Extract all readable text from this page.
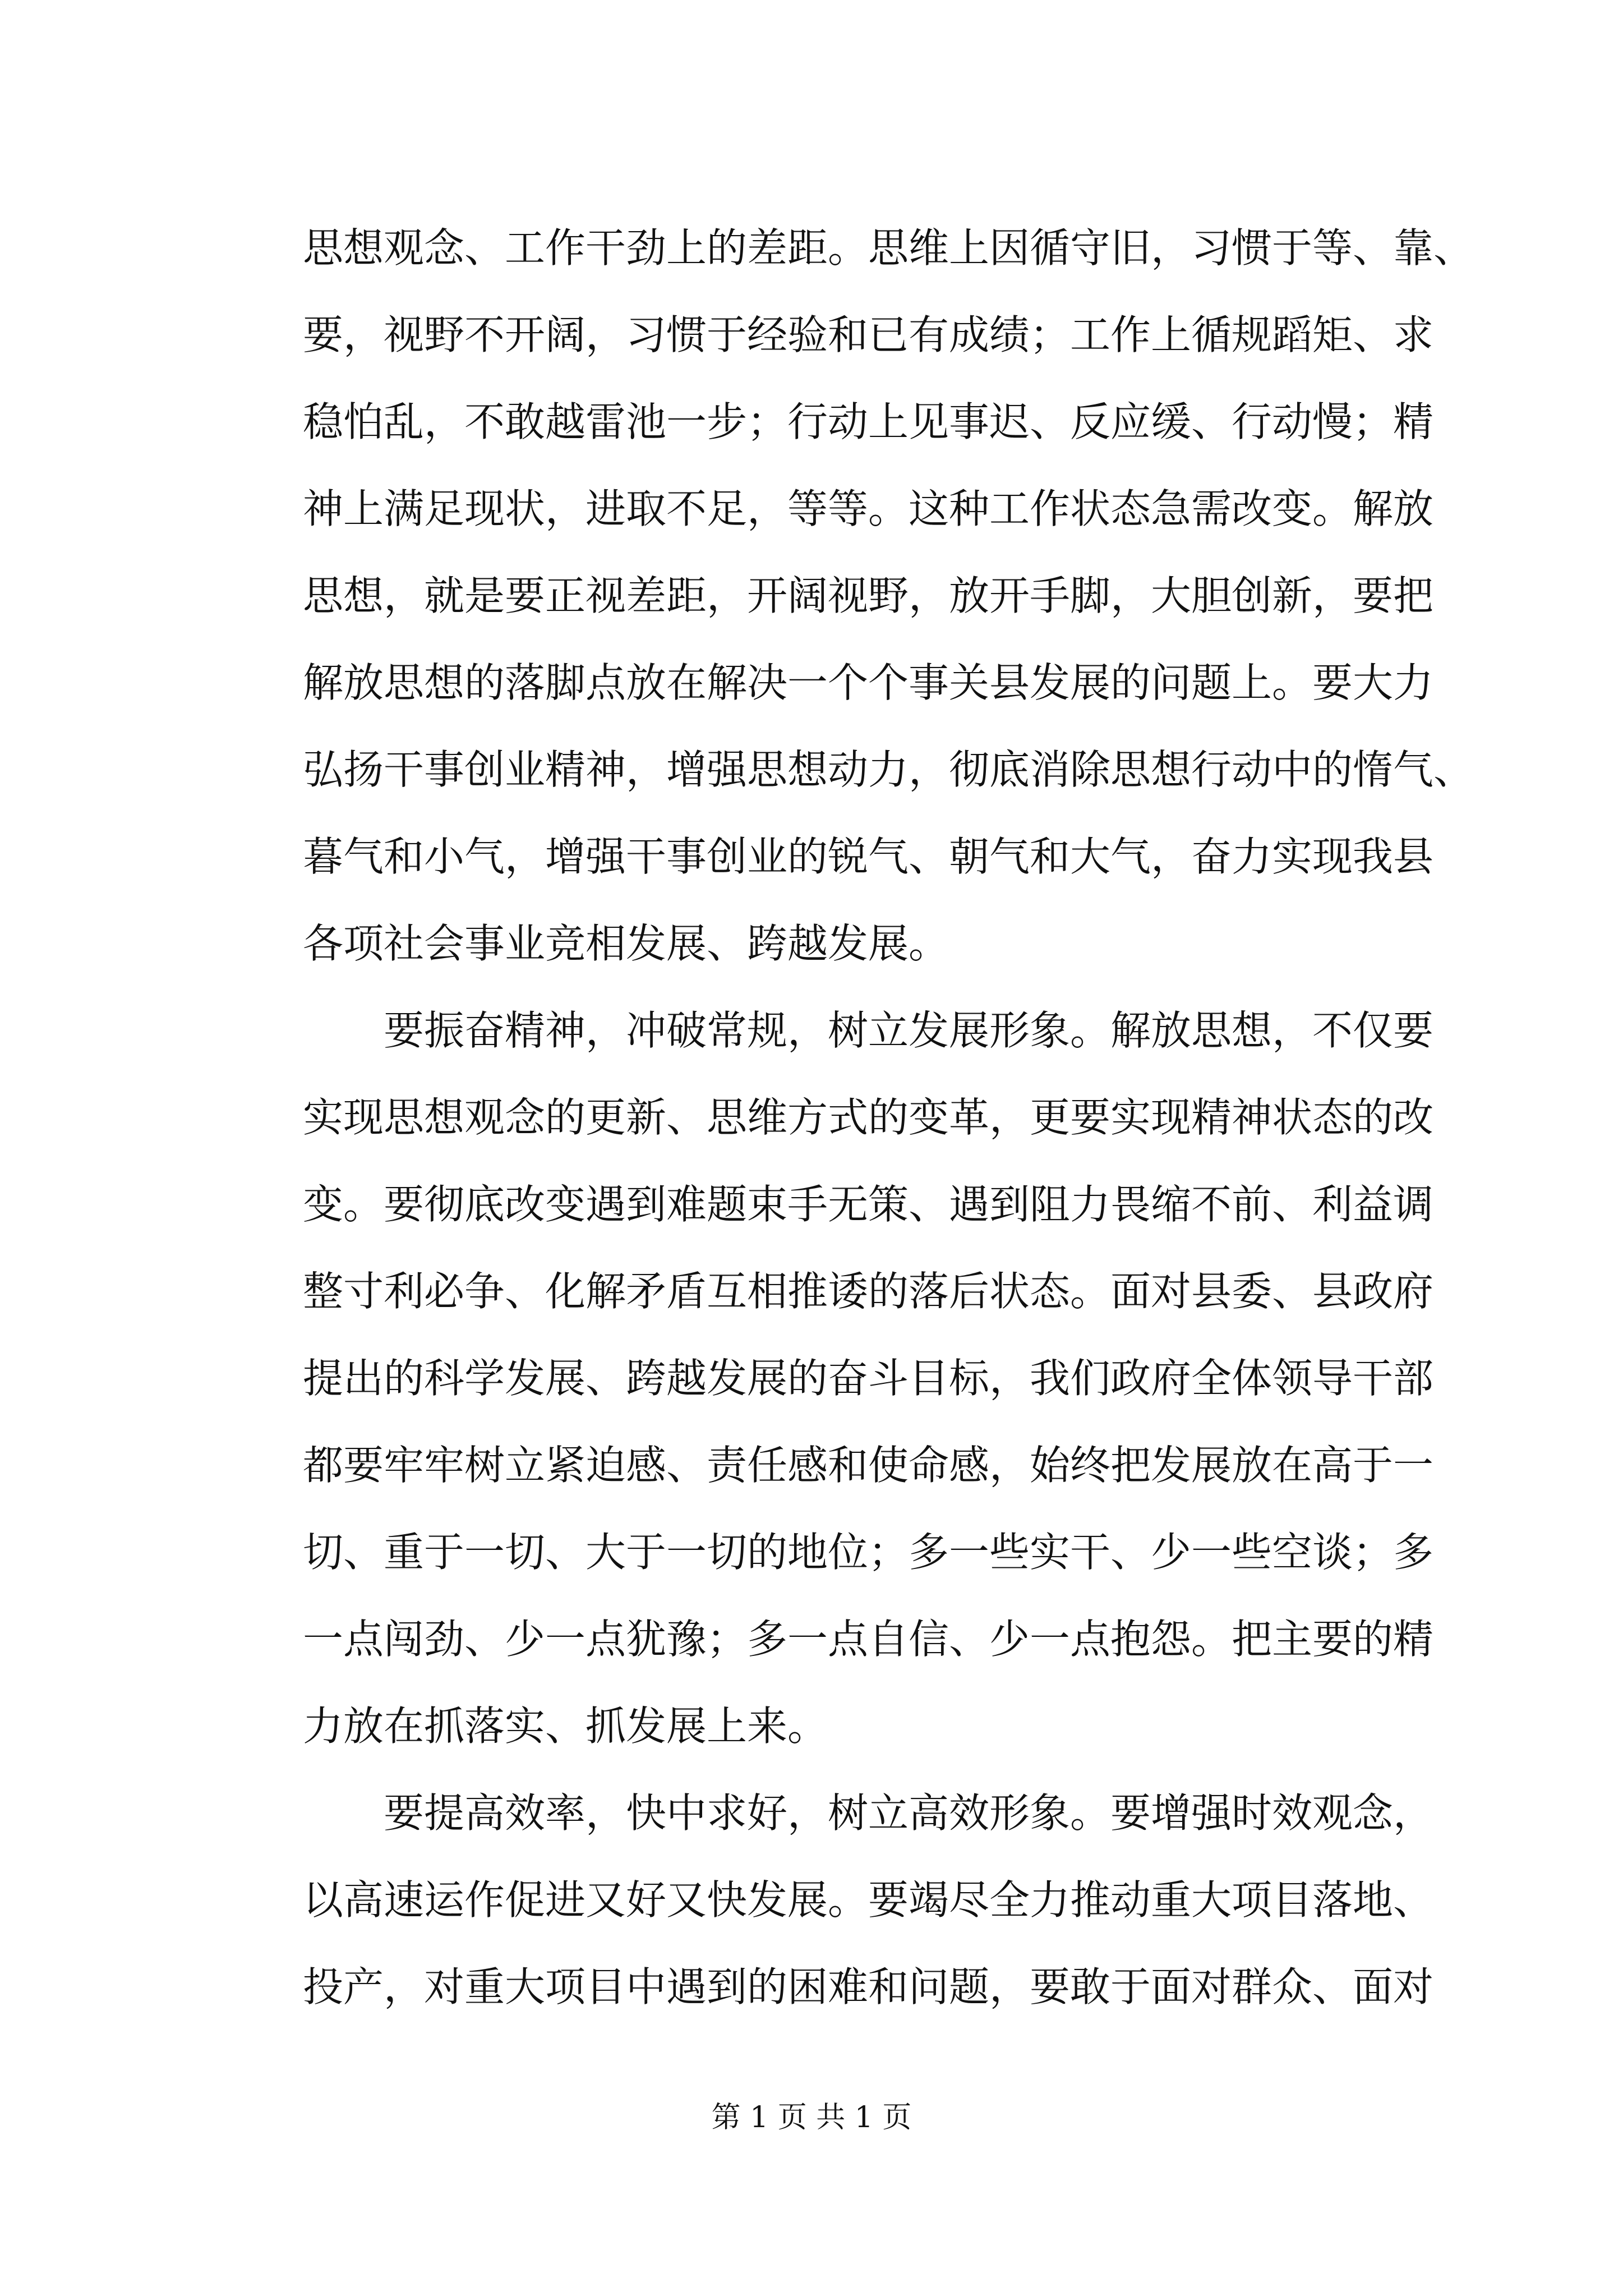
思想观念、工作干劲上的差距。思维上因循守旧，习惯于等、靠、
要，视野不开阔，习惯于经验和已有成绩；工作上循规蹈矩、求
稳怕乱，不敢越雷池一步；行动上见事迟、反应缓、行动慢；精
神上满足现状，进取不足，等等。这种工作状态急需改变。解放
思想，就是要正视差距，开阔视野，放开手脚，大胆创新，要把
解放思想的落脚点放在解决一个个事关县发展的问题上。要大力
弘扬干事创业精神，增强思想动力，彻底消除思想行动中的惰气、
暮气和小气，增强干事创业的锐气、朝气和大气，奋力实现我县
各项社会事业竞相发展、跨越发展。
　　要振奋精神，冲破常规，树立发展形象。解放思想，不仅要
实现思想观念的更新、思维方式的变革，更要实现精神状态的改
变。要彻底改变遇到难题束手无策、遇到阻力畏缩不前、利益调
整寸利必争、化解矛盾互相推诿的落后状态。面对县委、县政府
提出的科学发展、跨越发展的奋斗目标，我们政府全体领导干部
都要牢牢树立紧迫感、责任感和使命感，始终把发展放在高于一
切、重于一切、大于一切的地位；多一些实干、少一些空谈；多
一点闯劲、少一点犹豫；多一点自信、少一点抱怨。把主要的精
力放在抓落实、抓发展上来。
　　要提高效率，快中求好，树立高效形象。要增强时效观念，
以高速运作促进又好又快发展。要竭尽全力推动重大项目落地、
投产，对重大项目中遇到的困难和问题，要敢于面对群众、面对
第 1 页 共 1 页
